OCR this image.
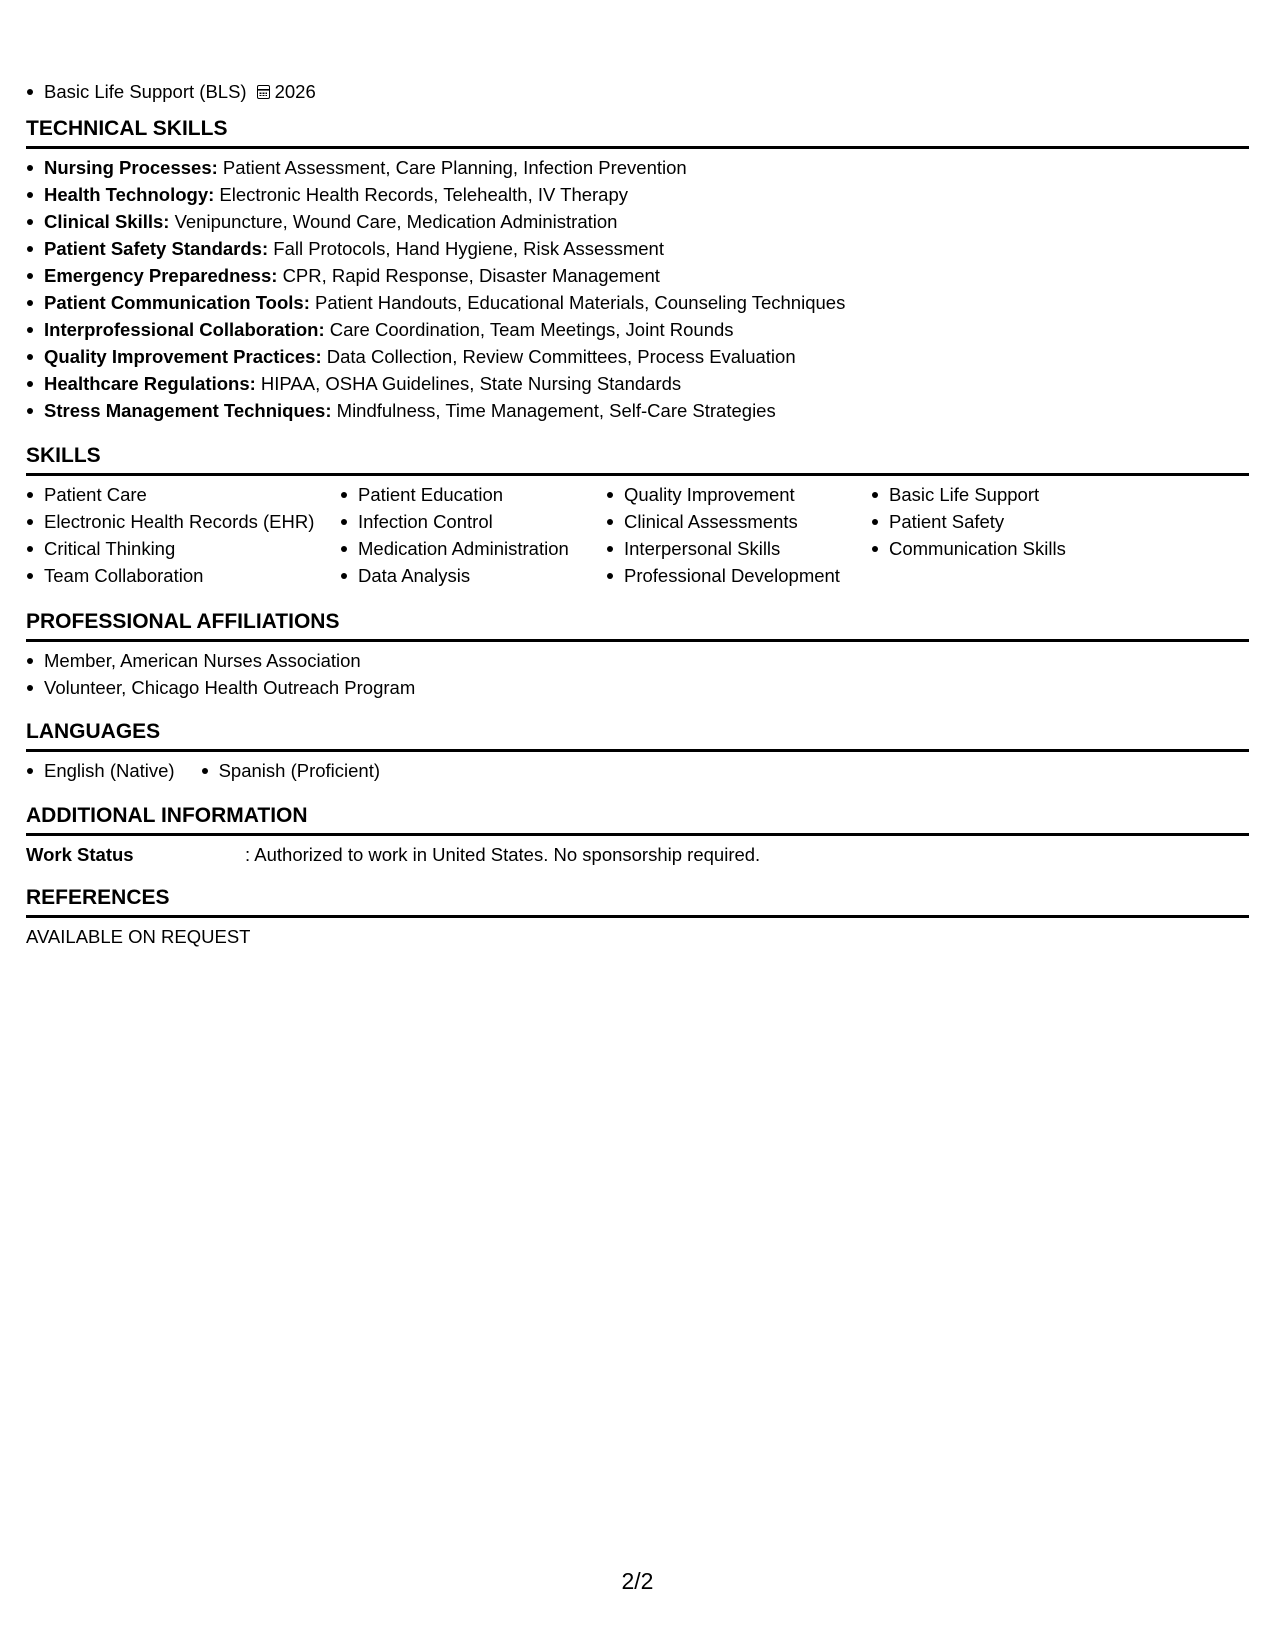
Basic Life Support (BLS) 2026
TECHNICAL SKILLS
Nursing Processes: Patient Assessment, Care Planning, Infection Prevention
Health Technology: Electronic Health Records, Telehealth, IV Therapy
Clinical Skills: Venipuncture, Wound Care, Medication Administration
Patient Safety Standards: Fall Protocols, Hand Hygiene, Risk Assessment
Emergency Preparedness: CPR, Rapid Response, Disaster Management
Patient Communication Tools: Patient Handouts, Educational Materials, Counseling Techniques
Interprofessional Collaboration: Care Coordination, Team Meetings, Joint Rounds
Quality Improvement Practices: Data Collection, Review Committees, Process Evaluation
Healthcare Regulations: HIPAA, OSHA Guidelines, State Nursing Standards
Stress Management Techniques: Mindfulness, Time Management, Self-Care Strategies
SKILLS
Patient Care
Electronic Health Records (EHR)
Critical Thinking
Team Collaboration
Patient Education
Infection Control
Medication Administration
Data Analysis
Quality Improvement
Clinical Assessments
Interpersonal Skills
Professional Development
Basic Life Support
Patient Safety
Communication Skills
PROFESSIONAL AFFILIATIONS
Member, American Nurses Association
Volunteer, Chicago Health Outreach Program
LANGUAGES
English (Native)	Spanish (Proficient)
ADDITIONAL INFORMATION
Work Status	: Authorized to work in United States. No sponsorship required.
REFERENCES
AVAILABLE ON REQUEST
2/2
